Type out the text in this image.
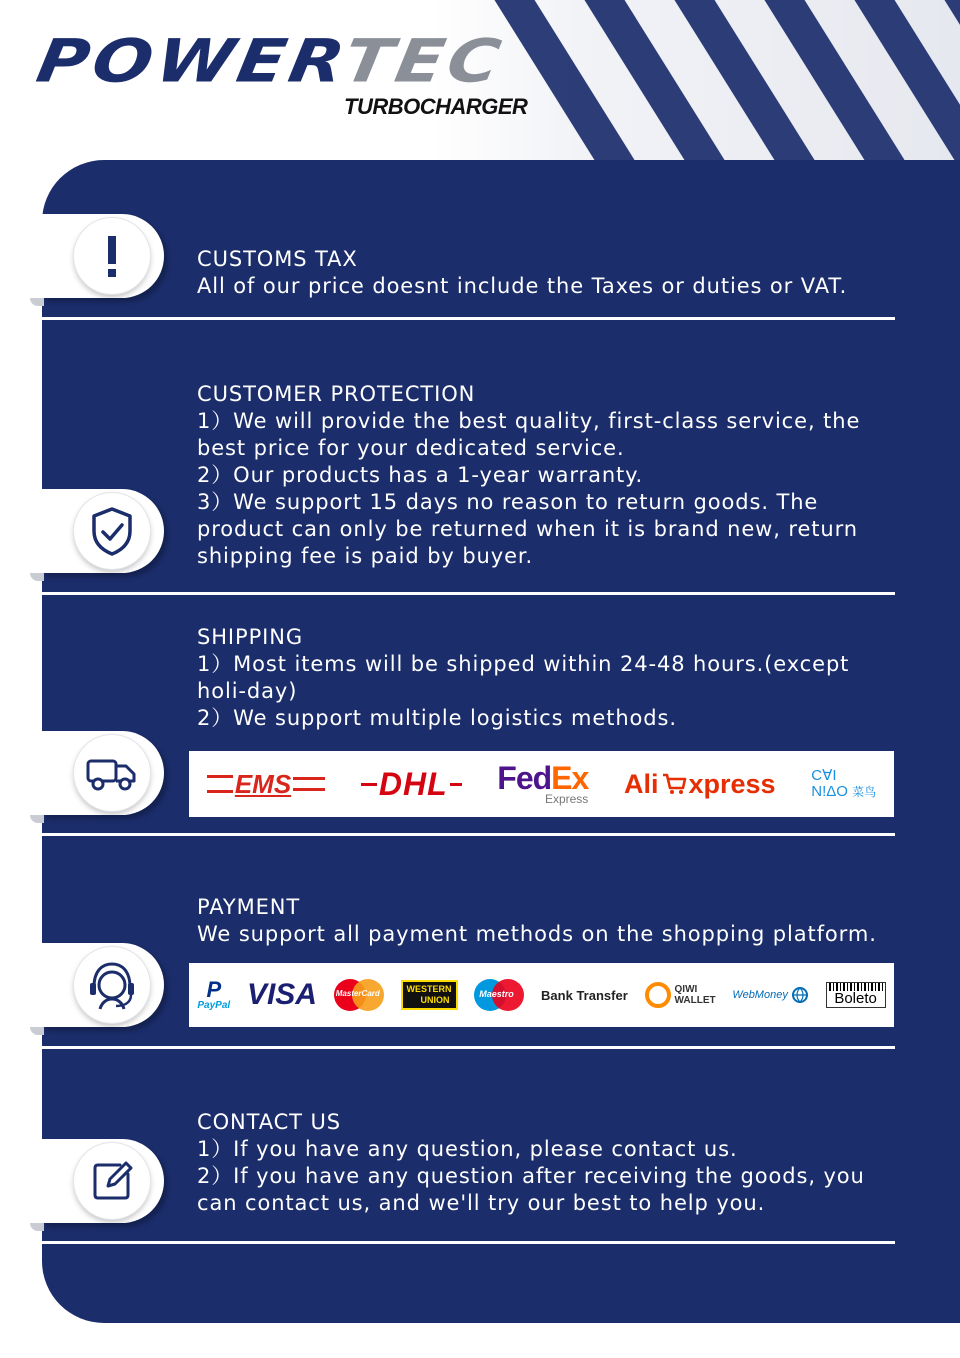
POWERTEC
TURBOCHARGER
CUSTOMS TAX
All of our price doesnt include the Taxes or duties or VAT.
CUSTOMER PROTECTION

1）We will provide the best quality, first-class service, the best price for your dedicated service.

2）Our products has a 1-year warranty.

3）We support 15 days no reason to return goods. The product can only be returned when it is brand new, return shipping fee is paid by buyer.

SHIPPING

1）Most items will be shipped within 24-48 hours.(except holi-day)

2）We support multiple logistics methods.

EMS	DHL FedEx
Express
Ali xpress C∀I
N!ΔO 菜鸟
PAYMENT
We support all payment methods on the shopping platform.
P
PayPal VISA MasterCard	WESTERN
UNION
Maestro Bank Transfer	QIWI
WALLET WebMoney	Boleto
CONTACT US

1）If you have any question, please contact us.

2）If you have any question after receiving the goods, you can contact us, and we'll try our best to help you.
